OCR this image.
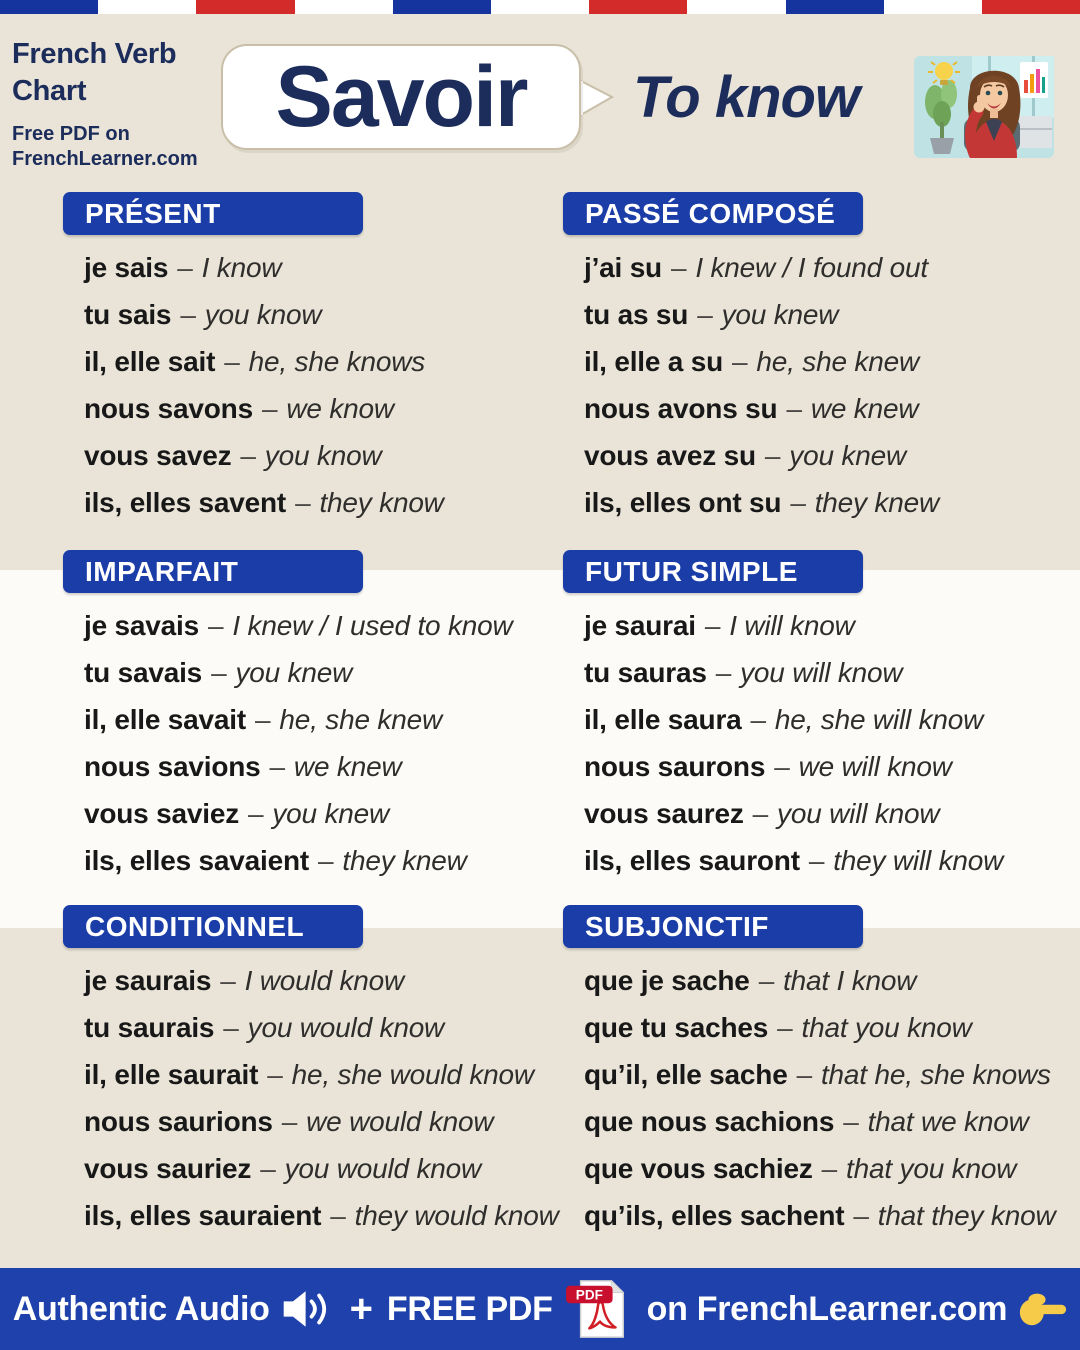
French Verb
Chart
Free PDF on
FrenchLearner.com
Savoir To know
PRÉSENT
je sais – I know
tu sais – you know
il, elle sait – he, she knows
nous savons – we know
vous savez – you know
ils, elles savent – they know
PASSÉ COMPOSÉ
j’ai su – I knew / I found out
tu as su – you knew
il, elle a su – he, she knew
nous avons su – we knew
vous avez su – you knew
ils, elles ont su – they knew
IMPARFAIT
je savais – I knew / I used to know
tu savais – you knew
il, elle savait – he, she knew
nous savions – we knew
vous saviez – you knew
ils, elles savaient – they knew
FUTUR SIMPLE
je saurai – I will know
tu sauras – you will know
il, elle saura – he, she will know
nous saurons – we will know
vous saurez – you will know
ils, elles sauront – they will know
CONDITIONNEL
je saurais – I would know
tu saurais – you would know
il, elle saurait – he, she would know
nous saurions – we would know
vous sauriez – you would know
ils, elles sauraient – they would know
SUBJONCTIF
que je sache – that I know
que tu saches – that you know
qu’il, elle sache – that he, she knows
que nous sachions – that we know
que vous sachiez – that you know
qu’ils, elles sachent – that they know
Authentic Audio + FREE PDF PDF on FrenchLearner.com
